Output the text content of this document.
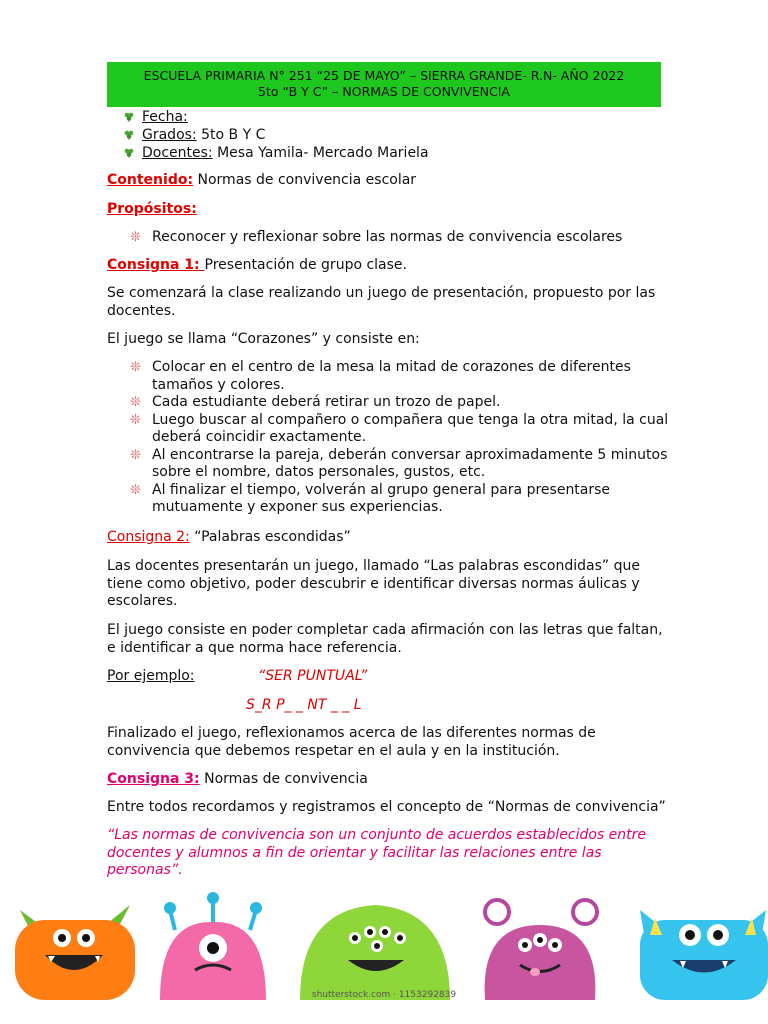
ESCUELA PRIMARIA N° 251 “25 DE MAYO” – SIERRA GRANDE- R.N- AÑO 2022
5to “B Y C” – NORMAS DE CONVIVENCIA
Fecha:
Grados: 5to B Y C
Docentes: Mesa Yamila- Mercado Mariela
Contenido: Normas de convivencia escolar
Propósitos:
❊ Reconocer y reflexionar sobre las normas de convivencia escolares
Consigna 1: Presentación de grupo clase.
Se comenzará la clase realizando un juego de presentación, propuesto por las docentes.
El juego se llama “Corazones” y consiste en:
❊ Colocar en el centro de la mesa la mitad de corazones de diferentes tamaños y colores.
❊ Cada estudiante deberá retirar un trozo de papel.
❊ Luego buscar al compañero o compañera que tenga la otra mitad, la cual deberá coincidir exactamente.
❊ Al encontrarse la pareja, deberán conversar aproximadamente 5 minutos sobre el nombre, datos personales, gustos, etc.
❊ Al finalizar el tiempo, volverán al grupo general para presentarse mutuamente y exponer sus experiencias.
Consigna 2: “Palabras escondidas”
Las docentes presentarán un juego, llamado “Las palabras escondidas” que tiene como objetivo, poder descubrir e identificar diversas normas áulicas y escolares.
El juego consiste en poder completar cada afirmación con las letras que faltan, e identificar a que norma hace referencia.
Por ejemplo:	“SER PUNTUAL”
S_R P_ _ NT _ _ L
Finalizado el juego, reflexionamos acerca de las diferentes normas de convivencia que debemos respetar en el aula y en la institución.
Consigna 3: Normas de convivencia
Entre todos recordamos y registramos el concepto de “Normas de convivencia”
“Las normas de convivencia son un conjunto de acuerdos establecidos entre docentes y alumnos a fin de orientar y facilitar las relaciones entre las personas”.
shutterstock.com · 1153292839
